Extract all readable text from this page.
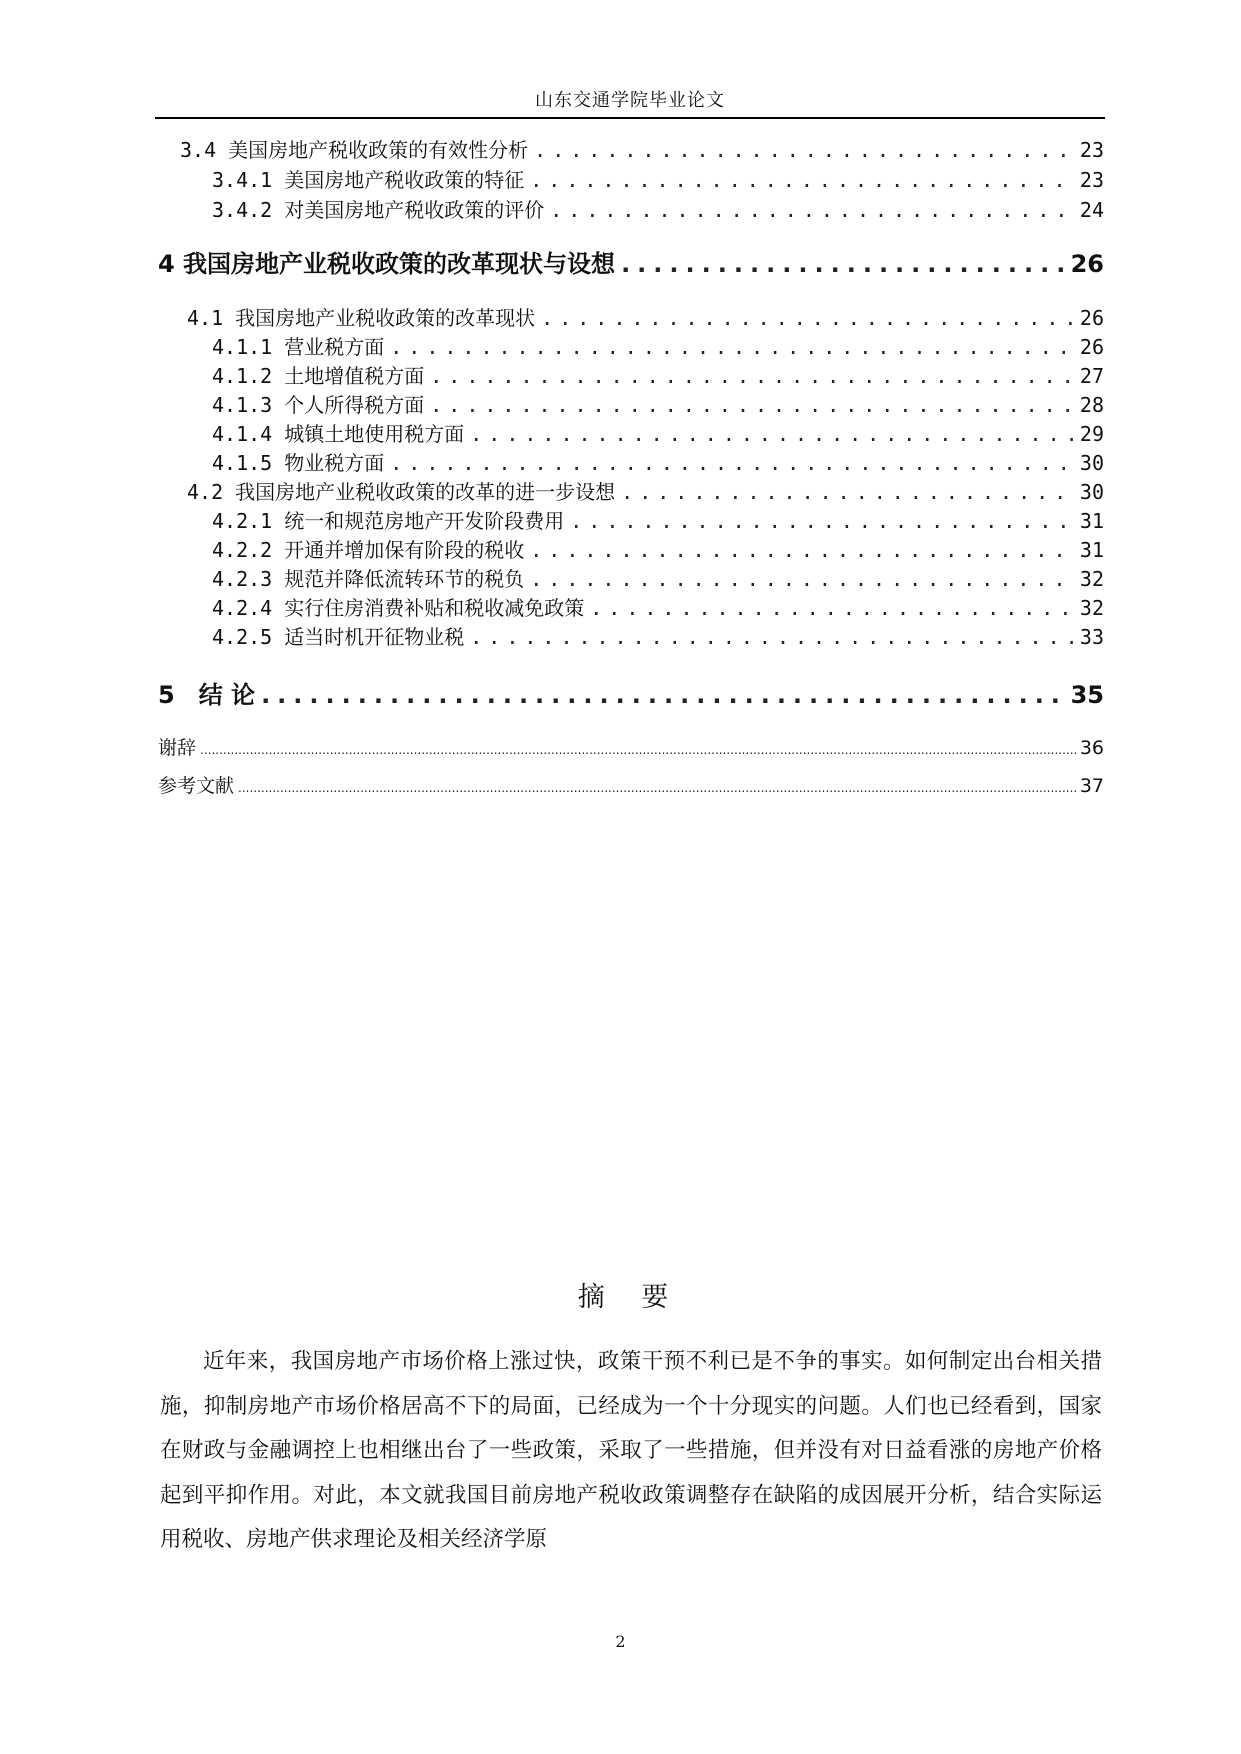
山东交通学院毕业论文
3.4 美国房地产税收政策的有效性分析 .....	23
3.4.1 美国房地产税收政策的特征 .....	23
3.4.2 对美国房地产税收政策的评价 .....	24
4 我国房地产业税收政策的改革现状与设想 .....	26
4.1 我国房地产业税收政策的改革现状 .....	26
4.1.1 营业税方面 .....	26
4.1.2 土地增值税方面 .....	27
4.1.3 个人所得税方面 .....	28
4.1.4 城镇土地使用税方面 .....	29
4.1.5 物业税方面 .....	30
4.2 我国房地产业税收政策的改革的进一步设想 .....	30
4.2.1 统一和规范房地产开发阶段费用 .....	31
4.2.2 开通并增加保有阶段的税收 .....	31
4.2.3 规范并降低流转环节的税负 .....	32
4.2.4 实行住房消费补贴和税收减免政策 .....	32
4.2.5 适当时机开征物业税 .....	33
5　结 论 .....	35
谢辞 .....	36
参考文献 .....	37
摘 要

近年来，我国房地产市场价格上涨过快，政策干预不利已是不争的事实。如何制定出台相关措施，抑制房地产市场价格居高不下的局面，已经成为一个十分现实的问题。人们也已经看到，国家在财政与金融调控上也相继出台了一些政策，采取了一些措施，但并没有对日益看涨的房地产价格起到平抑作用。对此，本文就我国目前房地产税收政策调整存在缺陷的成因展开分析，结合实际运用税收、房地产供求理论及相关经济学原

2
